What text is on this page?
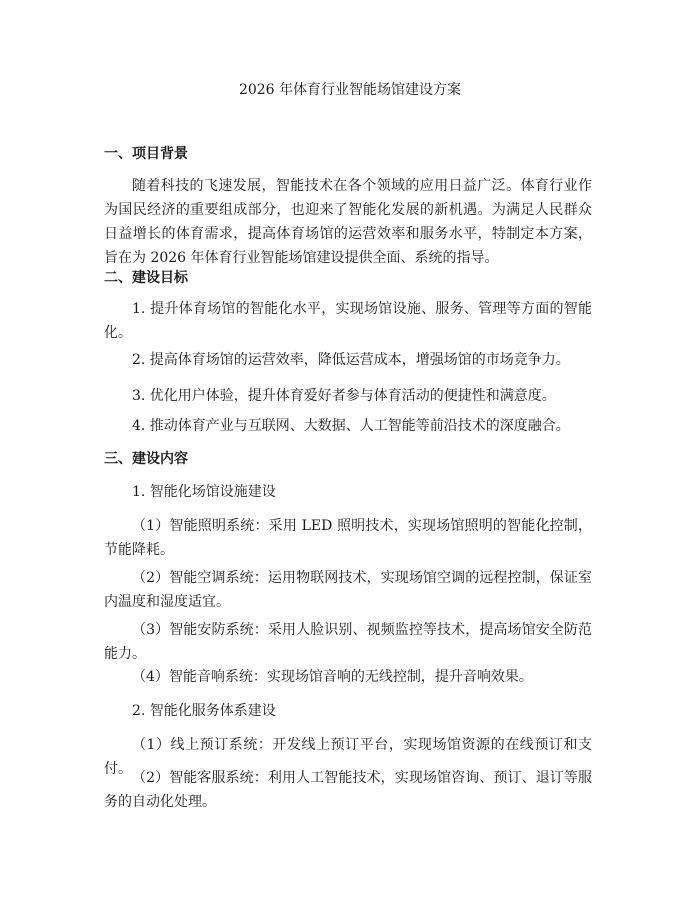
2026 年体育行业智能场馆建设方案
一、项目背景

随着科技的飞速发展，智能技术在各个领域的应用日益广泛。体育行业作为国民经济的重要组成部分，也迎来了智能化发展的新机遇。为满足人民群众日益增长的体育需求，提高体育场馆的运营效率和服务水平，特制定本方案，旨在为 2026 年体育行业智能场馆建设提供全面、系统的指导。

二、建设目标

1. 提升体育场馆的智能化水平，实现场馆设施、服务、管理等方面的智能化。

2. 提高体育场馆的运营效率，降低运营成本，增强场馆的市场竞争力。

3. 优化用户体验，提升体育爱好者参与体育活动的便捷性和满意度。

4. 推动体育产业与互联网、大数据、人工智能等前沿技术的深度融合。

三、建设内容

1. 智能化场馆设施建设

（1）智能照明系统：采用 LED 照明技术，实现场馆照明的智能化控制，节能降耗。

（2）智能空调系统：运用物联网技术，实现场馆空调的远程控制，保证室内温度和湿度适宜。

（3）智能安防系统：采用人脸识别、视频监控等技术，提高场馆安全防范能力。

（4）智能音响系统：实现场馆音响的无线控制，提升音响效果。

2. 智能化服务体系建设

（1）线上预订系统：开发线上预订平台，实现场馆资源的在线预订和支付。

（2）智能客服系统：利用人工智能技术，实现场馆咨询、预订、退订等服务的自动化处理。
